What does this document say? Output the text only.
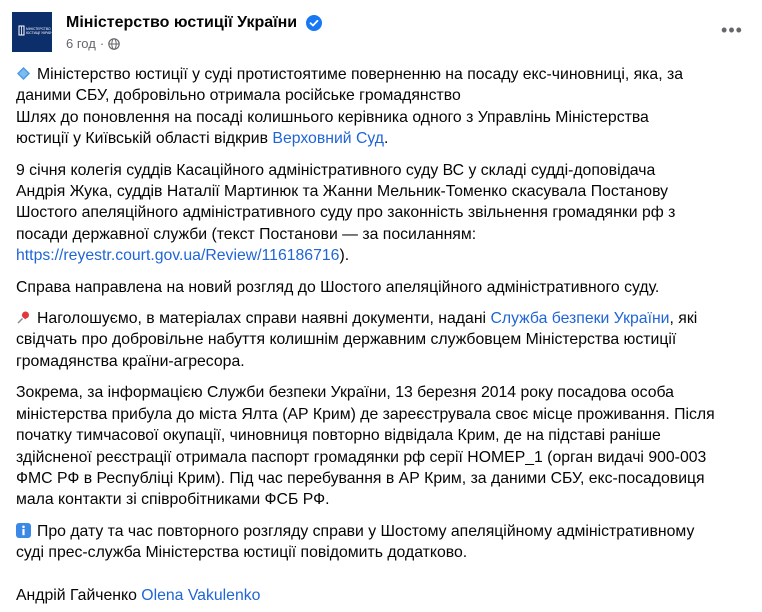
МІНІСТЕРСТВО
ЮСТИЦІЇ УКРАЇНИ
Міністерство юстиції України
6 год ·
•••

Міністерство юстиції у суді протистоятиме поверненню на посаду екс-чиновниці, яка, за
даними СБУ, добровільно отримала російське громадянство
Шлях до поновлення на посаді колишнього керівника одного з Управлінь Міністерства
юстиції у Київській області відкрив Верховний Суд.

9 січня колегія суддів Касаційного адміністративного суду ВС у складі судді-доповідача
Андрія Жука, суддів Наталії Мартинюк та Жанни Мельник-Томенко скасувала Постанову
Шостого апеляційного адміністративного суду про законність звільнення громадянки рф з
посади державної служби (текст Постанови — за посиланням:
https://reyestr.court.gov.ua/Review/116186716).

Справа направлена на новий розгляд до Шостого апеляційного адміністративного суду.

Наголошуємо, в матеріалах справи наявні документи, надані Служба безпеки України, які
свідчать про добровільне набуття колишнім державним службовцем Міністерства юстиції
громадянства країни-агресора.

Зокрема, за інформацією Служби безпеки України, 13 березня 2014 року посадова особа
міністерства прибула до міста Ялта (АР Крим) де зареєструвала своє місце проживання. Після
початку тимчасової окупації, чиновниця повторно відвідала Крим, де на підставі раніше
здійсненої реєстрації отримала паспорт громадянки рф серії НОМЕР_1 (орган видачі 900-003
ФМС РФ в Республіці Крим). Під час перебування в АР Крим, за даними СБУ, екс-посадовиця
мала контакти зі співробітниками ФСБ РФ.

Про дату та час повторного розгляду справи у Шостому апеляційному адміністративному
суді прес-служба Міністерства юстиції повідомить додатково.

Андрій Гайченко Olena Vakulenko
